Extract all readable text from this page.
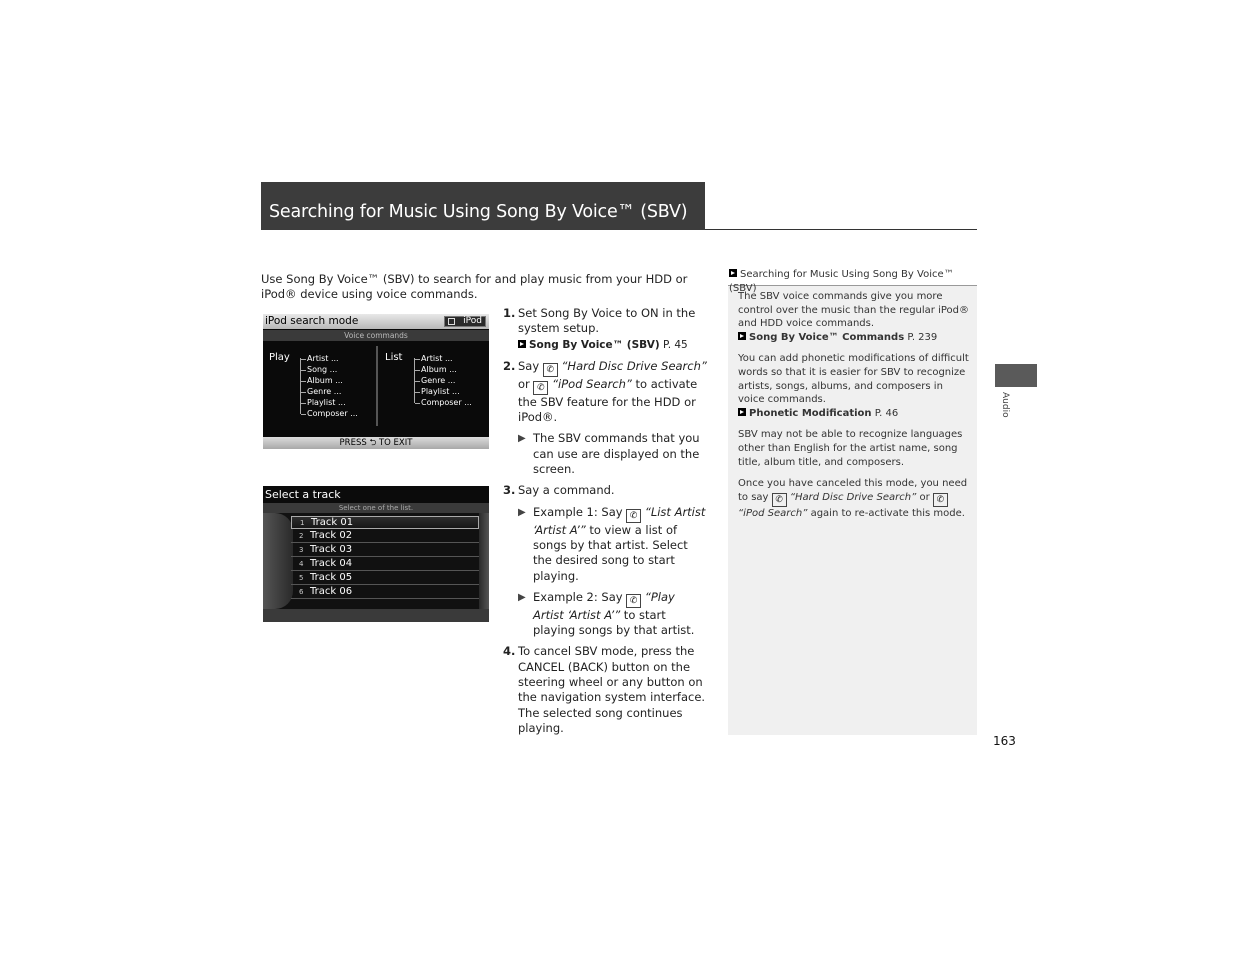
Searching for Music Using Song By Voice™ (SBV)
Use Song By Voice™ (SBV) to search for and play music from your HDD or iPod® device using voice commands.
iPod search mode	iPod
Voice commands
Play Artist ...
Song ...
Album ...
Genre ...
Playlist ...
Composer ...
List Artist ...
Album ...
Genre ...
Playlist ...
Composer ...
PRESS ⮌ TO EXIT
Select a track
Select one of the list.
1 Track 01
2 Track 02
3 Track 03
4 Track 04
5 Track 05
6 Track 06
1. Set Song By Voice to ON in the system setup.
Song By Voice™ (SBV) P. 45
2. Say ✆ “Hard Disc Drive Search” or ✆ “iPod Search” to activate the SBV feature for the HDD or iPod®.
▶ The SBV commands that you can use are displayed on the screen.
3. Say a command.
▶ Example 1: Say ✆ “List Artist ‘Artist A’” to view a list of songs by that artist. Select the desired song to start playing.
▶ Example 2: Say ✆ “Play Artist ‘Artist A’” to start playing songs by that artist.
4. To cancel SBV mode, press the CANCEL (BACK) button on the steering wheel or any button on the navigation system interface. The selected song continues playing.
Searching for Music Using Song By Voice™ (SBV)

The SBV voice commands give you more control over the music than the regular iPod® and HDD voice commands.
Song By Voice™ Commands P. 239

You can add phonetic modifications of difficult words so that it is easier for SBV to recognize artists, songs, albums, and composers in voice commands.
Phonetic Modification P. 46

SBV may not be able to recognize languages other than English for the artist name, song title, album title, and composers.

Once you have canceled this mode, you need to say ✆ “Hard Disc Drive Search” or ✆ “iPod Search” again to re-activate this mode.

Audio
163
